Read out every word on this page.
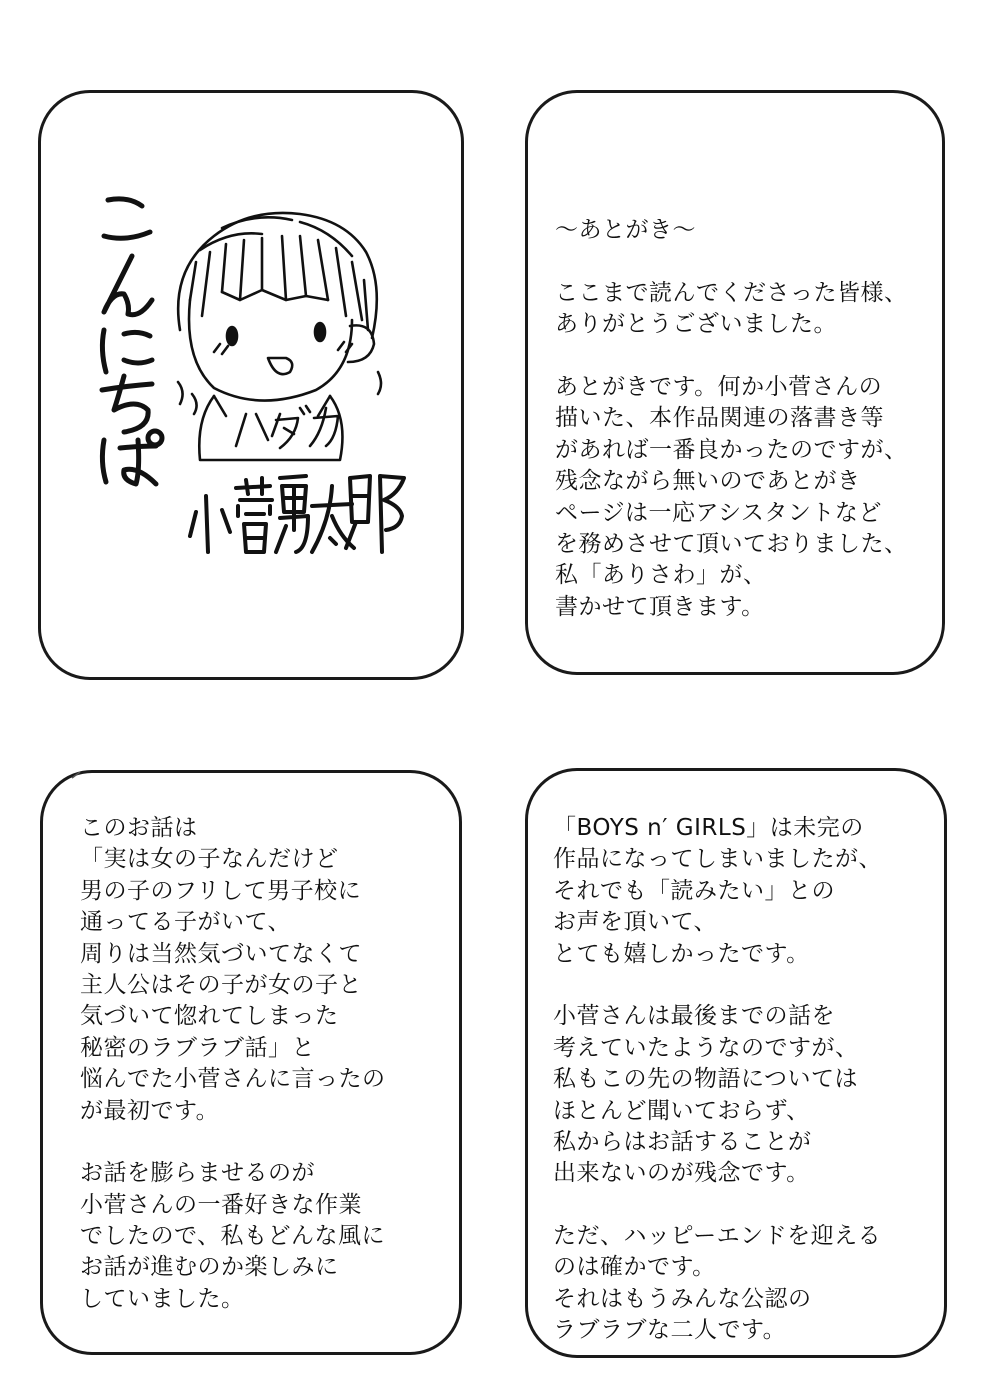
〜あとがき〜
ここまで読んでくださった皆様、
ありがとうございました。
あとがきです。何か小菅さんの
描いた、本作品関連の落書き等
があれば一番良かったのですが、
残念ながら無いのであとがき
ページは一応アシスタントなど
を務めさせて頂いておりました、
私「ありさわ」が、
書かせて頂きます。
このお話は
「実は女の子なんだけど
男の子のフリして男子校に
通ってる子がいて、
周りは当然気づいてなくて
主人公はその子が女の子と
気づいて惚れてしまった
秘密のラブラブ話」と
悩んでた小菅さんに言ったの
が最初です。
お話を膨らませるのが
小菅さんの一番好きな作業
でしたので、私もどんな風に
お話が進むのか楽しみに
していました。
「BOYS n′ GIRLS」は未完の
作品になってしまいましたが、
それでも「読みたい」との
お声を頂いて、
とても嬉しかったです。
小菅さんは最後までの話を
考えていたようなのですが、
私もこの先の物語については
ほとんど聞いておらず、
私からはお話することが
出来ないのが残念です。
ただ、ハッピーエンドを迎える
のは確かです。
それはもうみんな公認の
ラブラブな二人です。
